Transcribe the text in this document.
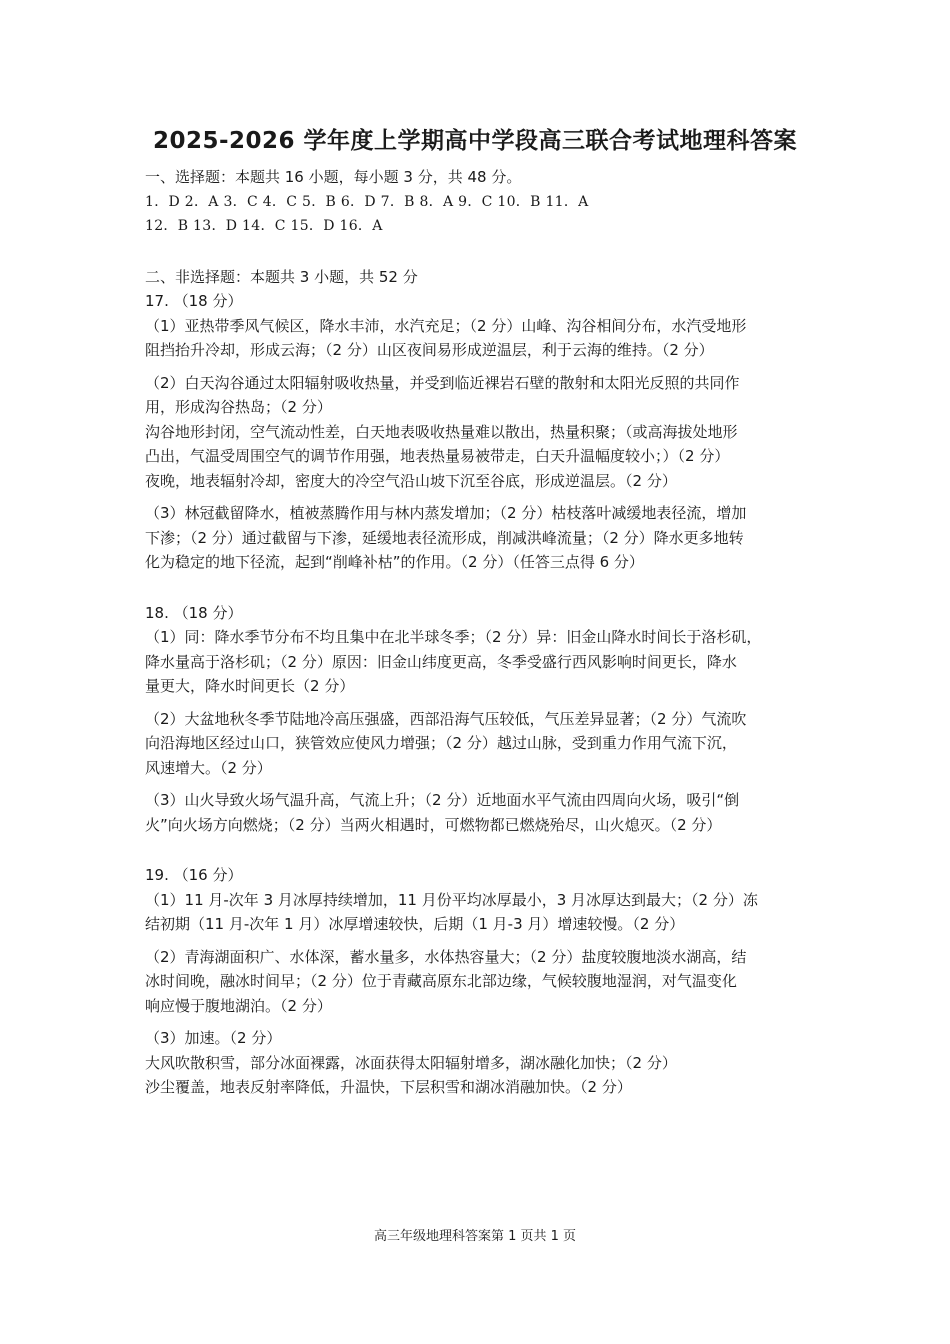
2025-2026 学年度上学期高中学段高三联合考试地理科答案
一、选择题：本题共 16 小题，每小题 3 分，共 48 分。
1．D 2．A 3．C 4．C 5．B 6．D 7．B 8．A 9．C 10．B 11．A
12．B 13．D 14．C 15．D 16．A
二、非选择题：本题共 3 小题，共 52 分
17. （18 分）
（1）亚热带季风气候区，降水丰沛，水汽充足；（2 分）山峰、沟谷相间分布，水汽受地形
阻挡抬升冷却，形成云海；（2 分）山区夜间易形成逆温层，利于云海的维持。（2 分）
（2）白天沟谷通过太阳辐射吸收热量，并受到临近裸岩石壁的散射和太阳光反照的共同作
用，形成沟谷热岛；（2 分）
沟谷地形封闭，空气流动性差，白天地表吸收热量难以散出，热量积聚；（或高海拔处地形
凸出，气温受周围空气的调节作用强，地表热量易被带走，白天升温幅度较小；）（2 分）
夜晚，地表辐射冷却，密度大的冷空气沿山坡下沉至谷底，形成逆温层。（2 分）
（3）林冠截留降水，植被蒸腾作用与林内蒸发增加；（2 分）枯枝落叶减缓地表径流，增加
下渗；（2 分）通过截留与下渗，延缓地表径流形成，削减洪峰流量；（2 分）降水更多地转
化为稳定的地下径流，起到“削峰补枯”的作用。（2 分）（任答三点得 6 分）
18. （18 分）
（1）同：降水季节分布不均且集中在北半球冬季；（2 分）异：旧金山降水时间长于洛杉矶，
降水量高于洛杉矶；（2 分）原因：旧金山纬度更高，冬季受盛行西风影响时间更长，降水
量更大，降水时间更长（2 分）
（2）大盆地秋冬季节陆地冷高压强盛，西部沿海气压较低，气压差异显著；（2 分）气流吹
向沿海地区经过山口，狭管效应使风力增强；（2 分）越过山脉，受到重力作用气流下沉，
风速增大。（2 分）
（3）山火导致火场气温升高，气流上升；（2 分）近地面水平气流由四周向火场，吸引“倒
火”向火场方向燃烧；（2 分）当两火相遇时，可燃物都已燃烧殆尽，山火熄灭。（2 分）
19. （16 分）
（1）11 月-次年 3 月冰厚持续增加，11 月份平均冰厚最小，3 月冰厚达到最大；（2 分）冻
结初期（11 月-次年 1 月）冰厚增速较快，后期（1 月-3 月）增速较慢。（2 分）
（2）青海湖面积广、水体深，蓄水量多，水体热容量大；（2 分）盐度较腹地淡水湖高，结
冰时间晚，融冰时间早；（2 分）位于青藏高原东北部边缘，气候较腹地湿润，对气温变化
响应慢于腹地湖泊。（2 分）
（3）加速。（2 分）
大风吹散积雪，部分冰面裸露，冰面获得太阳辐射增多，湖冰融化加快；（2 分）
沙尘覆盖，地表反射率降低，升温快，下层积雪和湖冰消融加快。（2 分）
高三年级地理科答案第 1 页共 1 页
